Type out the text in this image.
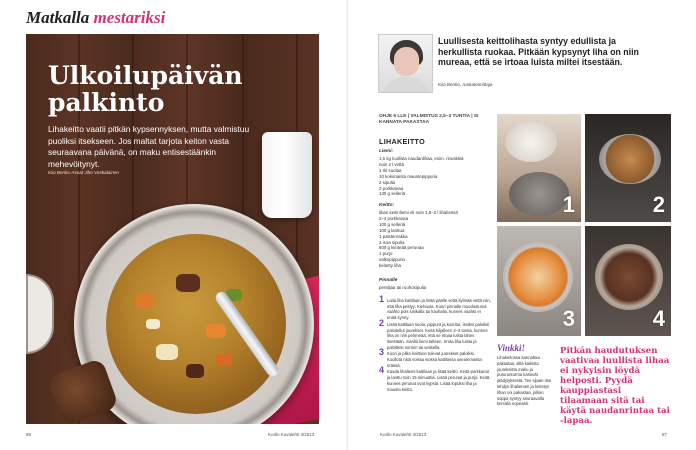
Matkalla mestariksi
Ulkoilupäivän
palkinto
Lihakeitto vaatii pitkän kypsennyksen, mutta valmistuu puoliksi itsekseen. Jos maltat tarjota keiton vasta seuraavana päivänä, on maku entisestäänkin mehevöitynyt.
Kiia Benko-Avoat Jiho Vaskalainen
86	Kodin Kuvalehti 3/2013
Luullisesta keittolihasta syntyy edullista ja herkullista ruokaa. Pitkään kypsynyt liha on niin mureaa, että se irtoaa luista miltei itsestään.
Kiia Benko, ruokatoimittaja
OHJE 6 LLE | VALMISTUS 2,5–3 TUNTIA | SI KANNATA PAKASTAA
LIHAKEITTO
Liemi:
1,5 kg luullista naudanlihaa, esim. rinuskkiä
noin 2 l vettä
1 rkl suolaa
10 kokonaista maustepippuria
2 sipulia
2 porkkanaa
130 g selleriä
Keitto:
lihan keitinliemi eli noin 1,5–2 l lihaliemiä
2–4 porkkanaa
100 g selleriä
100 g lanttua
1 palsternakka
2 isoa sipulia
600 g kiinteää perunaa
1 purjo
valkopippuria
keitetty liha
Pinnalle
persiljaa tai ruohosipulia
1 Laita liha kattilaan ja lisää päälle vettä kylmää vettä niin, että liha peittyy. Kiehauta. Kuori pinnalle muodostunut vaahto pois lusikalla tai kauhalla, kunnes vaahto ei enää synny.
2 Lisää kattilaan suola, pippurit ja kuoritut, isoiksi paloiksi paloitellut juurekset. Keitä hiljalleen 2–3 tuntia, kunnes liha on niin pehmeää, että se irtoaa luista lähes itsestään. Siivilöi liemi talteen. Irrota liha luista ja paloittele sormin tai veitsellä.
3 Kuori ja pilko keittoon tulevat juurekset paloiksi. Kuullota niitä voissa isossa kattilassa useammassa erässä.
4 Kaada lihaliemi kattilaan ja lisää keitto. Keitä porkkanat ja lanttu noin 15 minuuttia. Lisää perunat ja purjo. Keitä, kunnes perunat ovat kypsiä. Lisää lopuksi liha ja mausta keitto.
1	2
3	4
Vinkki!
Lihakeitossa kannattaa pakastaa, sillä kaikista juureksista maku ja pururunturma kärsivät jäädytyksestä. Tee sijaan itse lehdyn lihaliemen ja keitetyn lihan voi pakastaa, jolloin soppa syntyy seuraavalla kerralla nopeasti.
Pitkän haudutuksen vaativaa luullista lihaa ei nykyisin löydä helposti. Pyydä kauppiastasi tilaamaan sitä tai käytä naudanrintaa tai -lapaa.
Kodin Kuvalehti 3/2013	87
